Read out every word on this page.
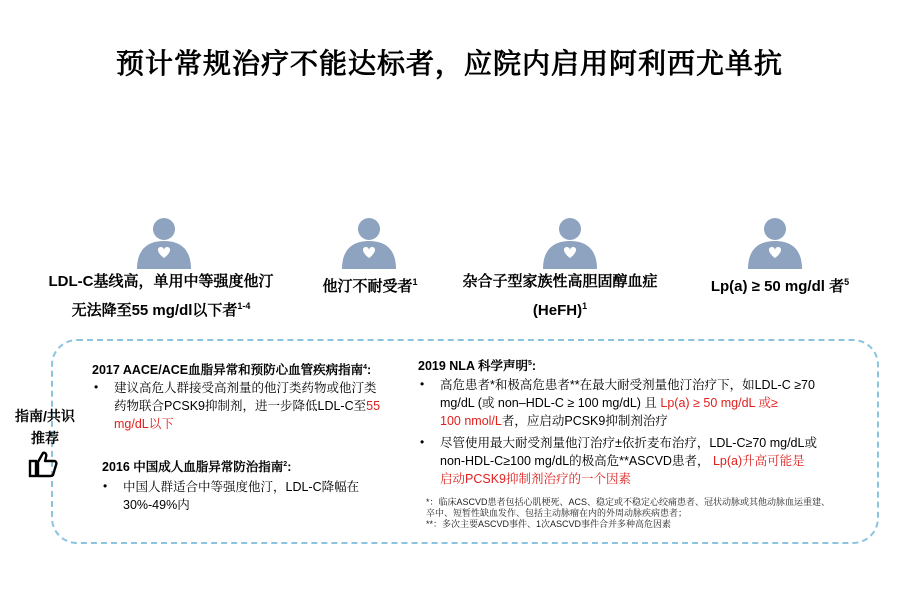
预计常规治疗不能达标者，应院内启用阿利西尤单抗
LDL-C基线高，单用中等强度他汀
无法降至55 mg/dl以下者$^{1-4}$
他汀不耐受者$^1$	杂合子型家族性高胆固醇血症
(HeFH)$^1$
Lp(a) ≥ 50 mg/dl 者$^5$
指南/共识
推荐
2017 AACE/ACE血脂异常和预防心血管疾病指南$^4$:
• 建议高危人群接受高剂量的他汀类药物或他汀类
药物联合PCSK9抑制剂，进一步降低LDL-C至55
mg/dL以下
2016 中国成人血脂异常防治指南$^2$:
• 中国人群适合中等强度他汀，LDL-C降幅在
30%-49%内
2019 NLA 科学声明$^5$:
• 高危患者*和极高危患者**在最大耐受剂量他汀治疗下，如LDL-C ≥70
mg/dL (或 non–HDL-C ≥ 100 mg/dL) 且 Lp(a) ≥ 50 mg/dL 或≥
100 nmol/L者，应启动PCSK9抑制剂治疗
• 尽管使用最大耐受剂量他汀治疗±依折麦布治疗，LDL-C≥70 mg/dL或
non-HDL-C≥100 mg/dL的极高危**ASCVD患者， Lp(a)升高可能是
启动PCSK9抑制剂治疗的一个因素
*：临床ASCVD患者包括心肌梗死、ACS、稳定或不稳定心绞痛患者、冠状动脉或其他动脉血运重建、
卒中、短暂性缺血发作、包括主动脉瘤在内的外周动脉疾病患者；
**：多次主要ASCVD事件、1次ASCVD事件合并多种高危因素
